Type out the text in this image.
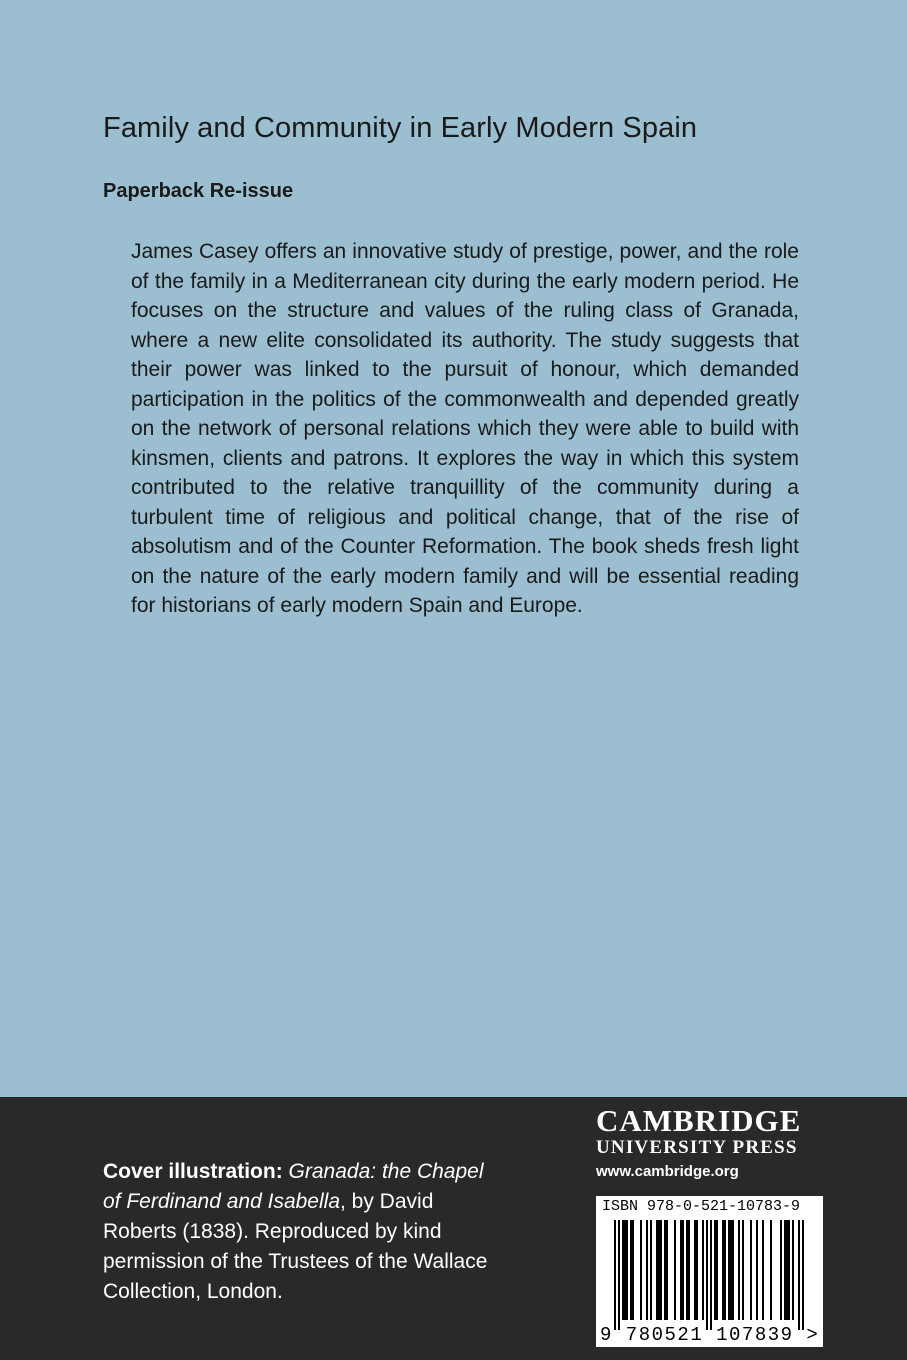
Family and Community in Early Modern Spain
Paperback Re-issue

James Casey offers an innovative study of prestige, power, and the role of the family in a Mediterranean city during the early modern period. He focuses on the structure and values of the ruling class of Granada, where a new elite consolidated its authority. The study suggests that their power was linked to the pursuit of honour, which demanded participation in the politics of the commonwealth and depended greatly on the network of personal relations which they were able to build with kinsmen, clients and patrons. It explores the way in which this system contributed to the relative tranquillity of the community during a turbulent time of religious and political change, that of the rise of absolutism and of the Counter Reformation. The book sheds fresh light on the nature of the early modern family and will be essential reading for historians of early modern Spain and Europe.

Cover illustration: Granada: the Chapel of Ferdinand and Isabella, by David Roberts (1838). Reproduced by kind permission of the Trustees of the Wallace Collection, London.

CAMBRIDGE
UNIVERSITY PRESS
www.cambridge.org
ISBN 978-0-521-10783-9
9 780521 107839 >
